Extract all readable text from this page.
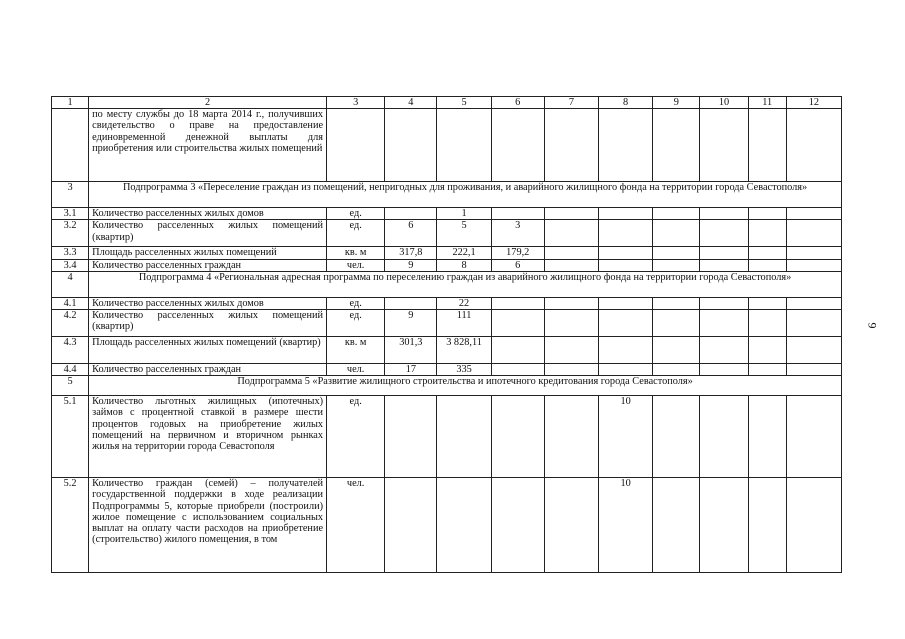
9
1	2	3	4	5	6	7	8	9	10	11	12
	по месту службы до 18 марта 2014 г., получивших свидетельство о праве на предоставление единовременной денежной выплаты для приобретения или строительства жилых помещений										
3	Подпрограмма 3 «Переселение граждан из помещений, непригодных для проживания, и аварийного жилищного фонда на территории города Севастополя»										
3.1	Количество расселенных жилых домов	ед.		1							
3.2	Количество расселенных жилых помещений (квартир)	ед.	6	5	3						
3.3	Площадь расселенных жилых помещений	кв. м	317,8	222,1	179,2						
3.4	Количество расселенных граждан	чел.	9	8	6						
4	Подпрограмма 4 «Региональная адресная программа по переселению граждан из аварийного жилищного фонда на территории города Севастополя»										
4.1	Количество расселенных жилых домов	ед.		22							
4.2	Количество расселенных жилых помещений (квартир)	ед.	9	111							
4.3	Площадь расселенных жилых помещений (квартир)	кв. м	301,3	3 828,11							
4.4	Количество расселенных граждан	чел.	17	335							
5	Подпрограмма 5 «Развитие жилищного строительства и ипотечного кредитования города Севастополя»										
5.1	Количество льготных жилищных (ипотечных) займов с процентной ставкой в размере шести процентов годовых на приобретение жилых помещений на первичном и вторичном рынках жилья на территории города Севастополя	ед.					10				
5.2	Количество граждан (семей) – получателей государственной поддержки в ходе реализации Подпрограммы 5, которые приобрели (построили) жилое помещение с использованием социальных выплат на оплату части расходов на приобретение (строительство) жилого помещения, в том	чел.					10				
